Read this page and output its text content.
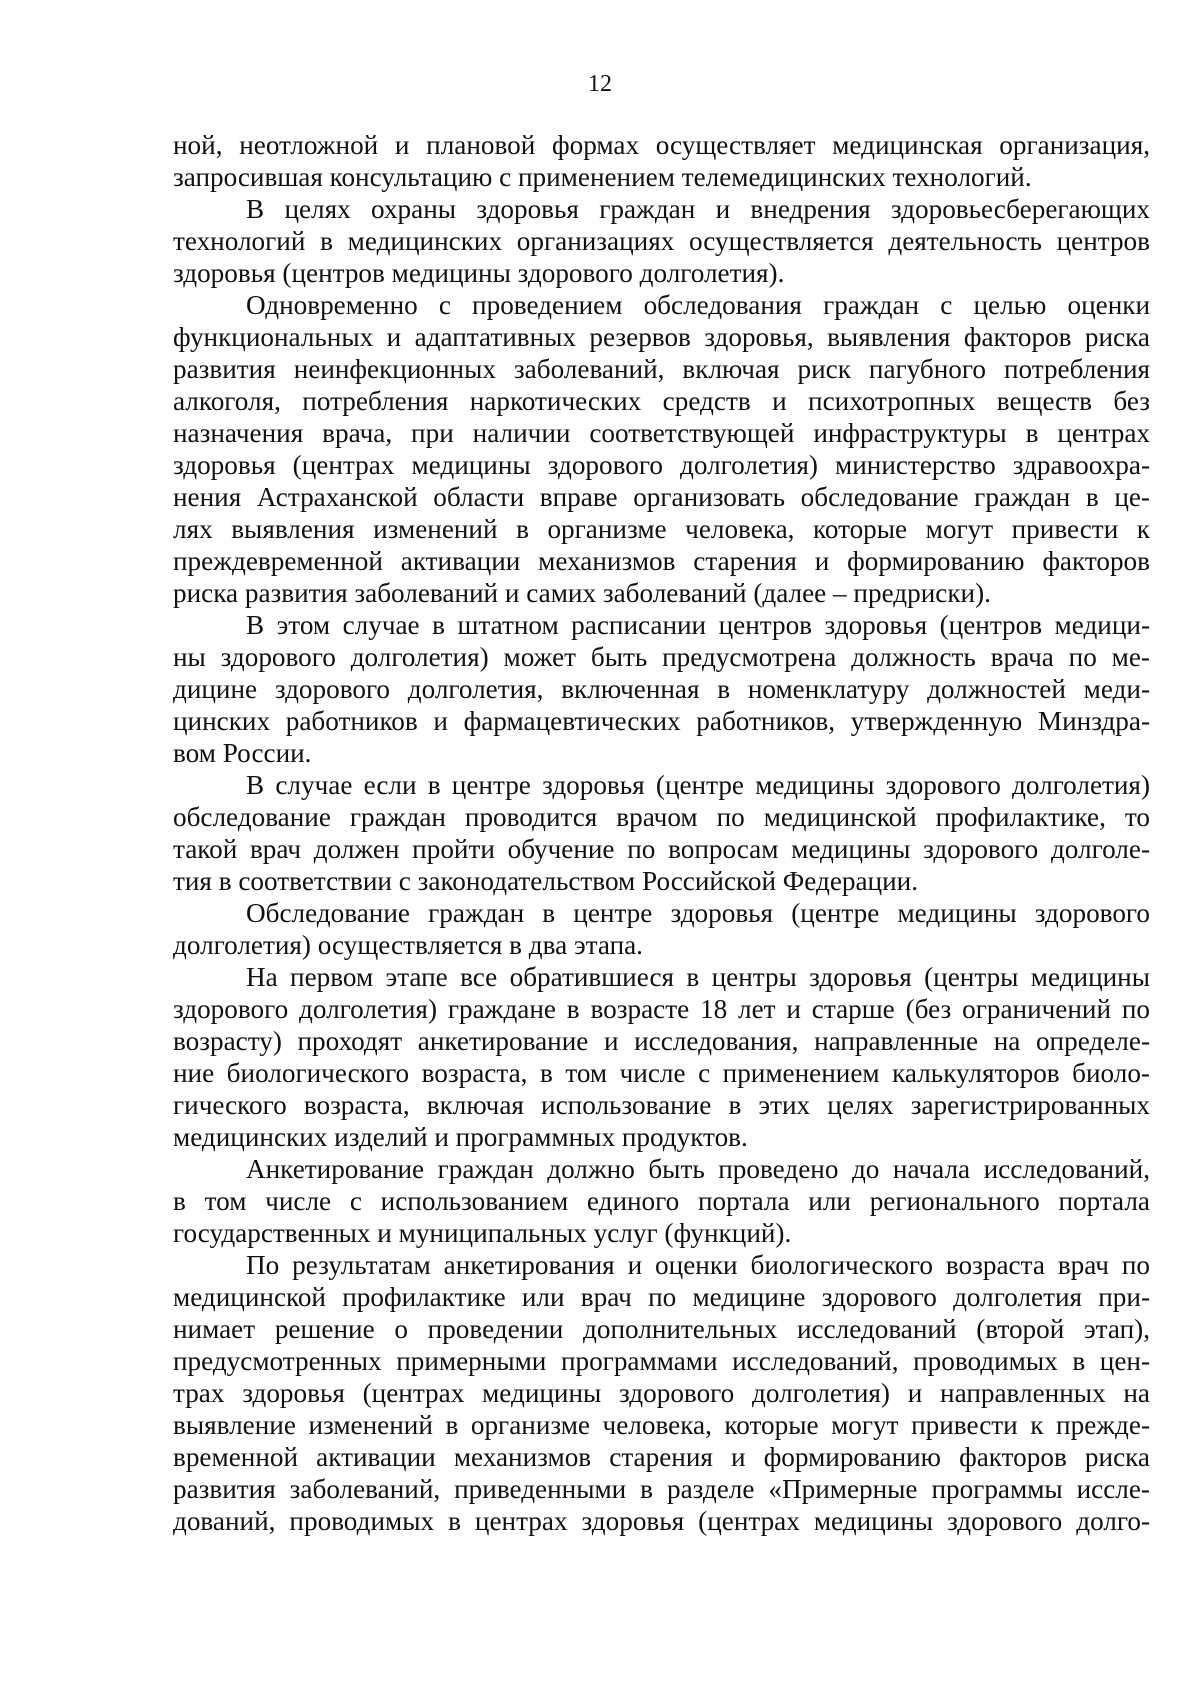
12
ной, неотложной и плановой формах осуществляет медицинская организация,
запросившая консультацию с применением телемедицинских технологий.
В целях охраны здоровья граждан и внедрения здоровьесберегающих
технологий в медицинских организациях осуществляется деятельность центров
здоровья (центров медицины здорового долголетия).
Одновременно с проведением обследования граждан с целью оценки
функциональных и адаптативных резервов здоровья, выявления факторов риска
развития неинфекционных заболеваний, включая риск пагубного потребления
алкоголя, потребления наркотических средств и психотропных веществ без
назначения врача, при наличии соответствующей инфраструктуры в центрах
здоровья (центрах медицины здорового долголетия) министерство здравоохра-
нения Астраханской области вправе организовать обследование граждан в це-
лях выявления изменений в организме человека, которые могут привести к
преждевременной активации механизмов старения и формированию факторов
риска развития заболеваний и самих заболеваний (далее – предриски).
В этом случае в штатном расписании центров здоровья (центров медици-
ны здорового долголетия) может быть предусмотрена должность врача по ме-
дицине здорового долголетия, включенная в номенклатуру должностей меди-
цинских работников и фармацевтических работников, утвержденную Минздра-
вом России.
В случае если в центре здоровья (центре медицины здорового долголетия)
обследование граждан проводится врачом по медицинской профилактике, то
такой врач должен пройти обучение по вопросам медицины здорового долголе-
тия в соответствии с законодательством Российской Федерации.
Обследование граждан в центре здоровья (центре медицины здорового
долголетия) осуществляется в два этапа.
На первом этапе все обратившиеся в центры здоровья (центры медицины
здорового долголетия) граждане в возрасте 18 лет и старше (без ограничений по
возрасту) проходят анкетирование и исследования, направленные на определе-
ние биологического возраста, в том числе с применением калькуляторов биоло-
гического возраста, включая использование в этих целях зарегистрированных
медицинских изделий и программных продуктов.
Анкетирование граждан должно быть проведено до начала исследований,
в том числе с использованием единого портала или регионального портала
государственных и муниципальных услуг (функций).
По результатам анкетирования и оценки биологического возраста врач по
медицинской профилактике или врач по медицине здорового долголетия при-
нимает решение о проведении дополнительных исследований (второй этап),
предусмотренных примерными программами исследований, проводимых в цен-
трах здоровья (центрах медицины здорового долголетия) и направленных на
выявление изменений в организме человека, которые могут привести к прежде-
временной активации механизмов старения и формированию факторов риска
развития заболеваний, приведенными в разделе «Примерные программы иссле-
дований, проводимых в центрах здоровья (центрах медицины здорового долго-
